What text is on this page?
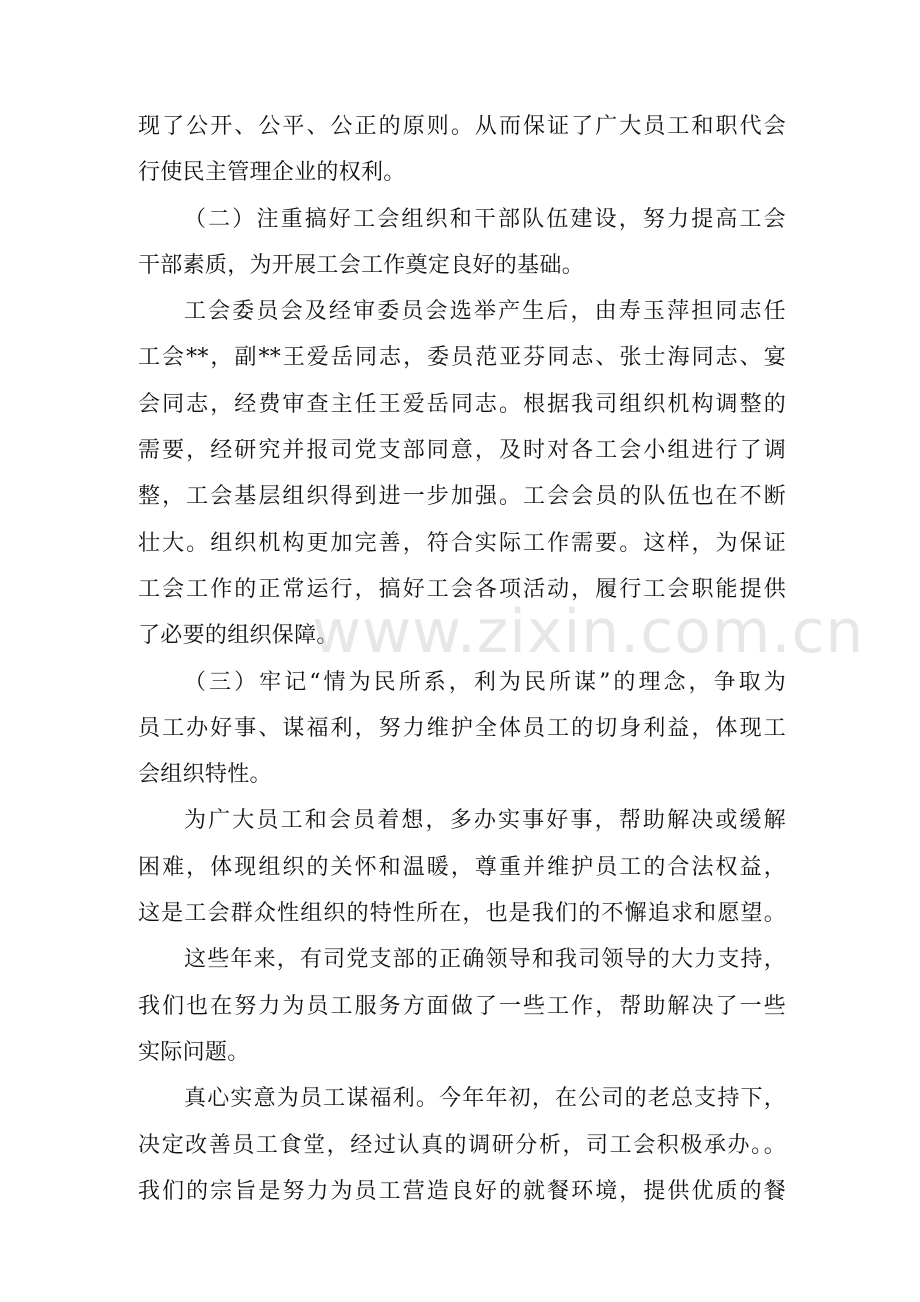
现了公开、公平、公正的原则。从而保证了广大员工和职代会
行使民主管理企业的权利。
（二）注重搞好工会组织和干部队伍建设，努力提高工会
干部素质，为开展工会工作奠定良好的基础。
工会委员会及经审委员会选举产生后，由寿玉萍担同志任
工会**，副**王爱岳同志，委员范亚芬同志、张士海同志、宴
会同志，经费审查主任王爱岳同志。根据我司组织机构调整的
需要，经研究并报司党支部同意，及时对各工会小组进行了调
整，工会基层组织得到进一步加强。工会会员的队伍也在不断
壮大。组织机构更加完善，符合实际工作需要。这样，为保证
工会工作的正常运行，搞好工会各项活动，履行工会职能提供
了必要的组织保障。
（三）牢记“情为民所系，利为民所谋”的理念，争取为
员工办好事、谋福利，努力维护全体员工的切身利益，体现工
会组织特性。
为广大员工和会员着想，多办实事好事，帮助解决或缓解
困难，体现组织的关怀和温暖，尊重并维护员工的合法权益，
这是工会群众性组织的特性所在，也是我们的不懈追求和愿望。
这些年来，有司党支部的正确领导和我司领导的大力支持，
我们也在努力为员工服务方面做了一些工作，帮助解决了一些
实际问题。
真心实意为员工谋福利。今年年初，在公司的老总支持下，
决定改善员工食堂，经过认真的调研分析，司工会积极承办。。
我们的宗旨是努力为员工营造良好的就餐环境，提供优质的餐
www.zixin.com.cn
